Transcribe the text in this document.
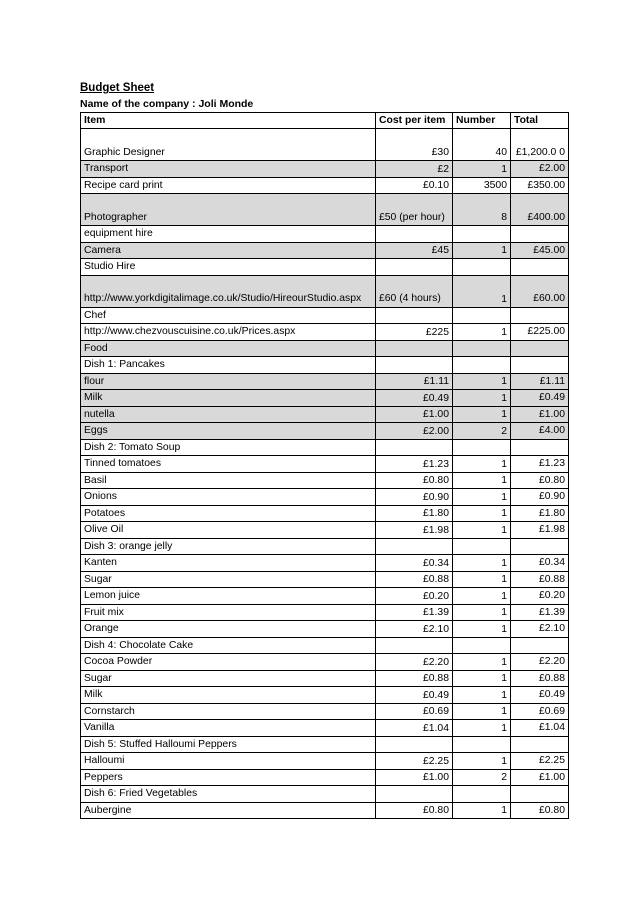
Budget Sheet
Name of the company : Joli Monde
Item	Cost per item	Number	Total
Graphic Designer	£30	40	£1,200.0 0
Transport	£2	1	£2.00
Recipe card print	£0.10	3500	£350.00
Photographer	£50 (per hour)	8	£400.00
equipment hire			
Camera	£45	1	£45.00
Studio Hire			
http://www.yorkdigitalimage.co.uk/Studio/HireourStudio.aspx	£60 (4 hours)	1	£60.00
Chef			
http://www.chezvouscuisine.co.uk/Prices.aspx	£225	1	£225.00
Food			
Dish 1: Pancakes			
flour	£1.11	1	£1.11
Milk	£0.49	1	£0.49
nutella	£1.00	1	£1.00
Eggs	£2.00	2	£4.00
Dish 2: Tomato Soup			
Tinned tomatoes	£1.23	1	£1.23
Basil	£0.80	1	£0.80
Onions	£0.90	1	£0.90
Potatoes	£1.80	1	£1.80
Olive Oil	£1.98	1	£1.98
Dish 3: orange jelly			
Kanten	£0.34	1	£0.34
Sugar	£0.88	1	£0.88
Lemon juice	£0.20	1	£0.20
Fruit mix	£1.39	1	£1.39
Orange	£2.10	1	£2.10
Dish 4: Chocolate Cake			
Cocoa Powder	£2.20	1	£2.20
Sugar	£0.88	1	£0.88
Milk	£0.49	1	£0.49
Cornstarch	£0.69	1	£0.69
Vanilla	£1.04	1	£1.04
Dish 5: Stuffed Halloumi Peppers			
Halloumi	£2.25	1	£2.25
Peppers	£1.00	2	£1.00
Dish 6: Fried Vegetables			
Aubergine	£0.80	1	£0.80
